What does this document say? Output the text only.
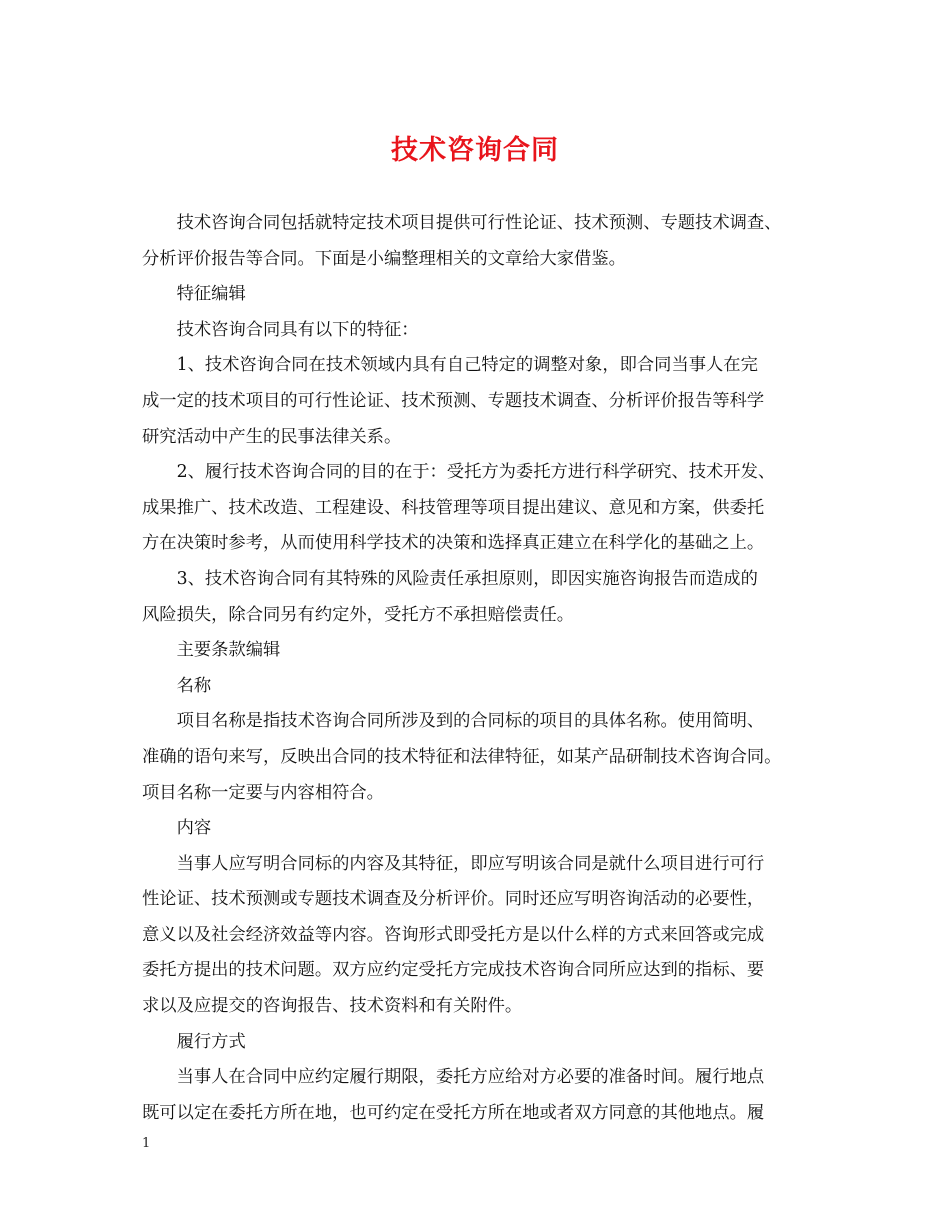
技术咨询合同

技术咨询合同包括就特定技术项目提供可行性论证、技术预测、专题技术调查、
分析评价报告等合同。下面是小编整理相关的文章给大家借鉴。

特征编辑

技术咨询合同具有以下的特征：

1、技术咨询合同在技术领域内具有自己特定的调整对象，即合同当事人在完
成一定的技术项目的可行性论证、技术预测、专题技术调查、分析评价报告等科学
研究活动中产生的民事法律关系。

2、履行技术咨询合同的目的在于：受托方为委托方进行科学研究、技术开发、
成果推广、技术改造、工程建设、科技管理等项目提出建议、意见和方案，供委托
方在决策时参考，从而使用科学技术的决策和选择真正建立在科学化的基础之上。

3、技术咨询合同有其特殊的风险责任承担原则，即因实施咨询报告而造成的
风险损失，除合同另有约定外，受托方不承担赔偿责任。

主要条款编辑

名称

项目名称是指技术咨询合同所涉及到的合同标的项目的具体名称。使用简明、
准确的语句来写，反映出合同的技术特征和法律特征，如某产品研制技术咨询合同。
项目名称一定要与内容相符合。

内容

当事人应写明合同标的内容及其特征，即应写明该合同是就什么项目进行可行
性论证、技术预测或专题技术调查及分析评价。同时还应写明咨询活动的必要性，
意义以及社会经济效益等内容。咨询形式即受托方是以什么样的方式来回答或完成
委托方提出的技术问题。双方应约定受托方完成技术咨询合同所应达到的指标、要
求以及应提交的咨询报告、技术资料和有关附件。

履行方式

当事人在合同中应约定履行期限，委托方应给对方必要的准备时间。履行地点
既可以定在委托方所在地，也可约定在受托方所在地或者双方同意的其他地点。履

1
